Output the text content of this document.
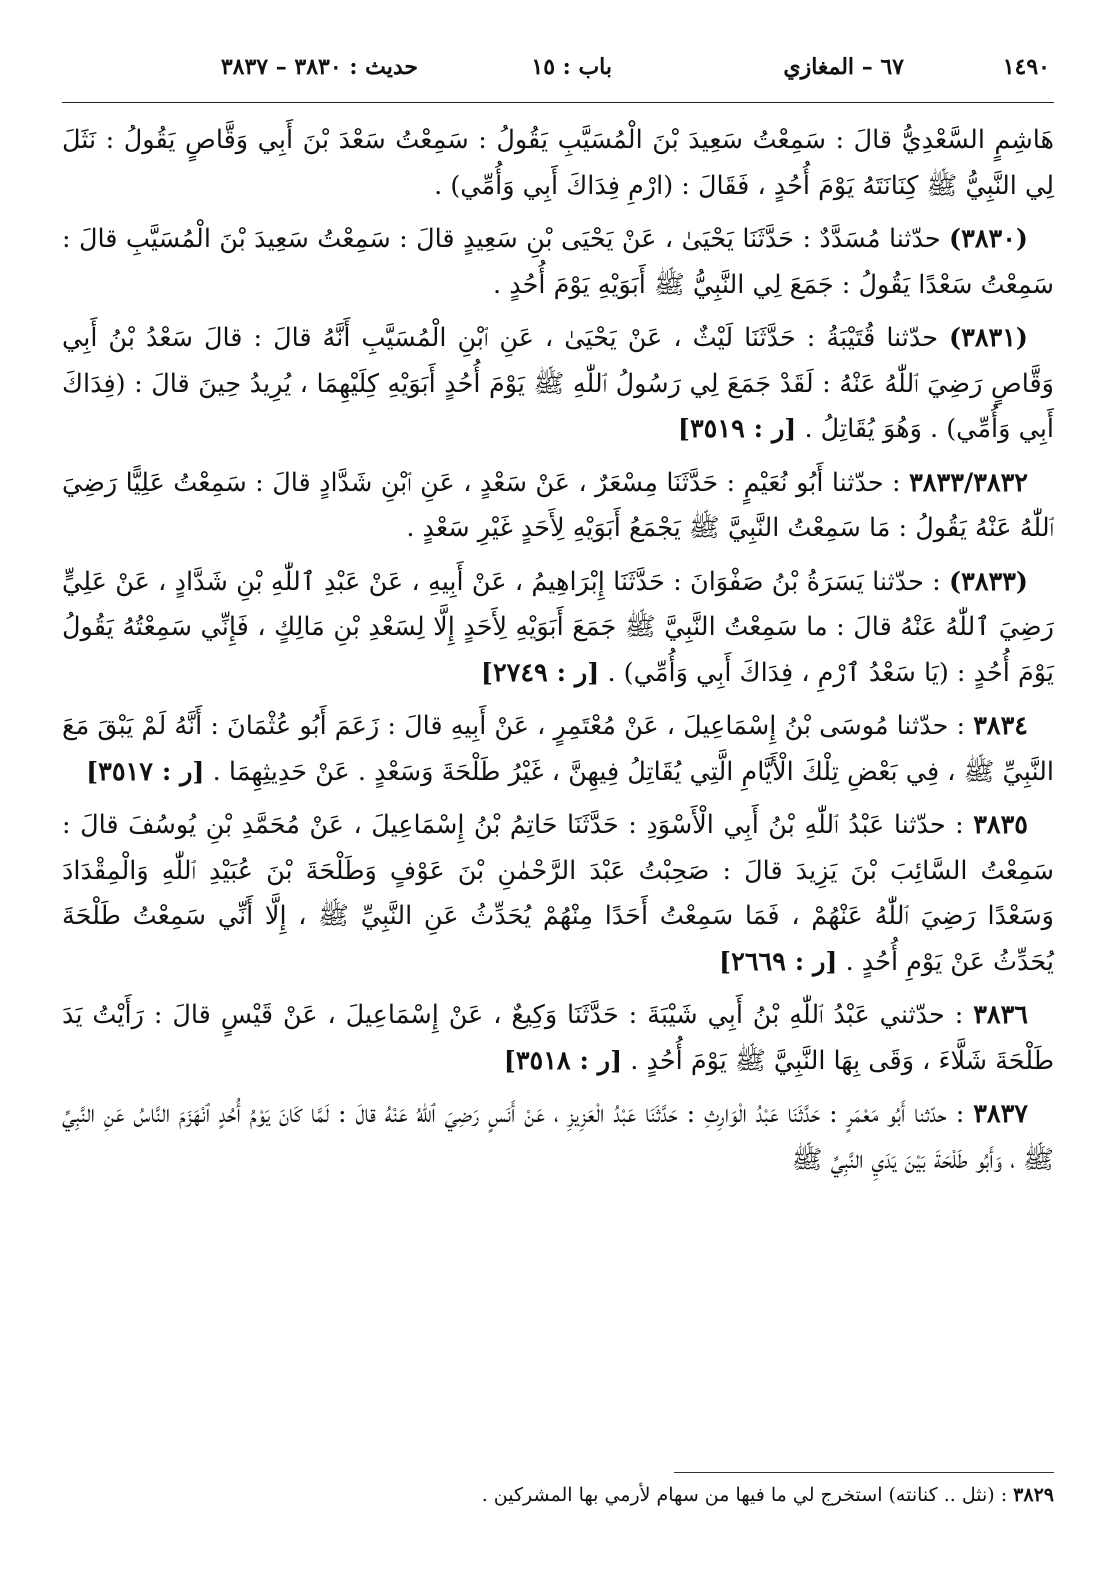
١٤٩٠
٦٧ – المغازي
باب : ١٥
حديث : ٣٨٣٠ – ٣٨٣٧

هَاشِمٍ السَّعْدِيُّ قالَ : سَمِعْتُ سَعِيدَ بْنَ الْمُسَيَّبِ يَقُولُ : سَمِعْتُ سَعْدَ بْنَ أَبِي وَقَّاصٍ يَقُولُ : نَثَلَ لِي النَّبِيُّ ﷺ كِنَانَتَهُ يَوْمَ أُحُدٍ ، فَقَالَ : (ارْمِ فِدَاكَ أَبِي وَأُمِّي) .

(٣٨٣٠) حدّثنا مُسَدَّدٌ : حَدَّثَنَا يَحْيَىٰ ، عَنْ يَحْيَى بْنِ سَعِيدٍ قالَ : سَمِعْتُ سَعِيدَ بْنَ الْمُسَيَّبِ قالَ : سَمِعْتُ سَعْدًا يَقُولُ : جَمَعَ لِي النَّبِيُّ ﷺ أَبَوَيْهِ يَوْمَ أُحُدٍ .

(٣٨٣١) حدّثنا قُتَيْبَةُ : حَدَّثَنَا لَيْثٌ ، عَنْ يَحْيَىٰ ، عَنِ ٱبْنِ الْمُسَيَّبِ أَنَّهُ قالَ : قالَ سَعْدُ بْنُ أَبِي وَقَّاصٍ رَضِيَ ٱللّٰهُ عَنْهُ : لَقَدْ جَمَعَ لِي رَسُولُ ٱللّٰهِ ﷺ يَوْمَ أُحُدٍ أَبَوَيْهِ كِلَيْهِمَا ، يُرِيدُ حِينَ قالَ : (فِدَاكَ أَبِي وَأُمِّي) . وَهُوَ يُقَاتِلُ . [ر : ٣٥١٩]

٣٨٣٣/٣٨٣٢ : حدّثنا أَبُو نُعَيْمٍ : حَدَّثَنَا مِسْعَرٌ ، عَنْ سَعْدٍ ، عَنِ ٱبْنِ شَدَّادٍ قالَ : سَمِعْتُ عَلِيًّا رَضِيَ ٱللّٰهُ عَنْهُ يَقُولُ : مَا سَمِعْتُ النَّبِيَّ ﷺ يَجْمَعُ أَبَوَيْهِ لِأَحَدٍ غَيْرِ سَعْدٍ .

(٣٨٣٣) : حدّثنا يَسَرَةُ بْنُ صَفْوَانَ : حَدَّثَنَا إِبْرَاهِيمُ ، عَنْ أَبِيهِ ، عَنْ عَبْدِ ٱللّٰهِ بْنِ شَدَّادٍ ، عَنْ عَلِيٍّ رَضِيَ ٱللّٰهُ عَنْهُ قالَ : ما سَمِعْتُ النَّبِيَّ ﷺ جَمَعَ أَبَوَيْهِ لِأَحَدٍ إِلَّا لِسَعْدِ بْنِ مَالِكٍ ، فَإِنِّي سَمِعْتُهُ يَقُولُ يَوْمَ أُحُدٍ : (يَا سَعْدُ ٱرْمِ ، فِدَاكَ أَبِي وَأُمِّي) . [ر : ٢٧٤٩]

٣٨٣٤ : حدّثنا مُوسَى بْنُ إِسْمَاعِيلَ ، عَنْ مُعْتَمِرٍ ، عَنْ أَبِيهِ قالَ : زَعَمَ أَبُو عُثْمَانَ : أَنَّهُ لَمْ يَبْقَ مَعَ النَّبِيِّ ﷺ ، فِي بَعْضِ تِلْكَ الْأَيَّامِ الَّتِي يُقَاتِلُ فِيهِنَّ ، غَيْرُ طَلْحَةَ وَسَعْدٍ . عَنْ حَدِيثِهِمَا . [ر : ٣٥١٧]

٣٨٣٥ : حدّثنا عَبْدُ ٱللّٰهِ بْنُ أَبِي الْأَسْوَدِ : حَدَّثَنَا حَاتِمُ بْنُ إِسْمَاعِيلَ ، عَنْ مُحَمَّدِ بْنِ يُوسُفَ قالَ : سَمِعْتُ السَّائِبَ بْنَ يَزِيدَ قالَ : صَحِبْتُ عَبْدَ الرَّحْمٰنِ بْنَ عَوْفٍ وَطَلْحَةَ بْنَ عُبَيْدِ ٱللّٰهِ وَالْمِقْدَادَ وَسَعْدًا رَضِيَ ٱللّٰهُ عَنْهُمْ ، فَمَا سَمِعْتُ أَحَدًا مِنْهُمْ يُحَدِّثُ عَنِ النَّبِيِّ ﷺ ، إِلَّا أَنِّي سَمِعْتُ طَلْحَةَ يُحَدِّثُ عَنْ يَوْمِ أُحُدٍ . [ر : ٢٦٦٩]

٣٨٣٦ : حدّثني عَبْدُ ٱللّٰهِ بْنُ أَبِي شَيْبَةَ : حَدَّثَنَا وَكِيعٌ ، عَنْ إِسْمَاعِيلَ ، عَنْ قَيْسٍ قالَ : رَأَيْتُ يَدَ طَلْحَةَ شَلَّاءَ ، وَقَى بِهَا النَّبِيَّ ﷺ يَوْمَ أُحُدٍ . [ر : ٣٥١٨]

٣٨٣٧ : حدّثنا أَبُو مَعْمَرٍ : حَدَّثَنَا عَبْدُ الْوَارِثِ : حَدَّثَنَا عَبْدُ الْعَزِيزِ ، عَنْ أَنَسٍ رَضِيَ ٱللّٰهُ عَنْهُ قالَ : لَمَّا كَانَ يَوْمُ أُحُدٍ ٱنْهَزَمَ النَّاسُ عَنِ النَّبِيِّ ﷺ ، وَأَبُو طَلْحَةَ بَيْنَ يَدَيِ النَّبِيِّ ﷺ

٣٨٢٩ : (نثل .. كنانته) استخرج لي ما فيها من سهام لأرمي بها المشركين .
